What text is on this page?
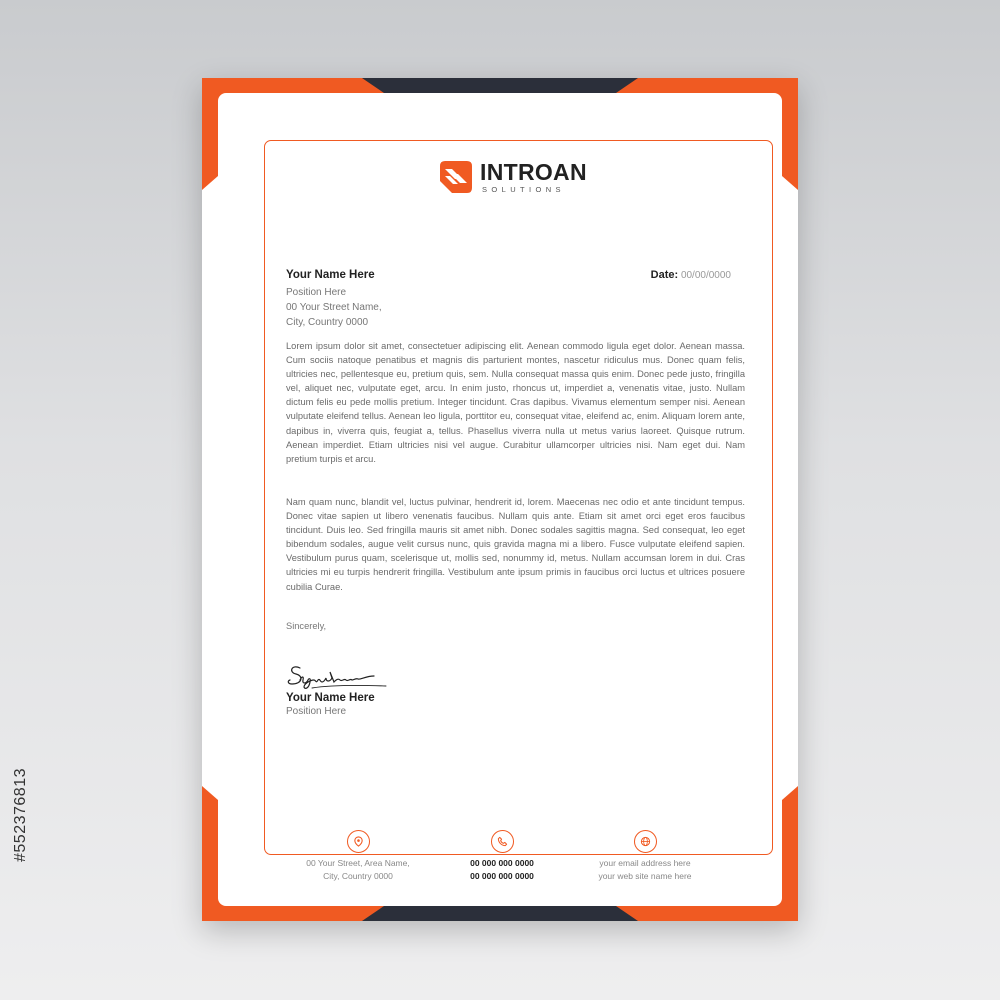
#552376813
INTROAN
SOLUTIONS
Your Name Here
Position Here
00 Your Street Name,
City, Country 0000
Date: 00/00/0000
Lorem ipsum dolor sit amet, consectetuer adipiscing elit. Aenean commodo ligula eget dolor. Aenean massa. Cum sociis natoque penatibus et magnis dis parturient montes, nascetur ridiculus mus. Donec quam felis, ultricies nec, pellentesque eu, pretium quis, sem. Nulla consequat massa quis enim. Donec pede justo, fringilla vel, aliquet nec, vulputate eget, arcu. In enim justo, rhoncus ut, imperdiet a, venenatis vitae, justo. Nullam dictum felis eu pede mollis pretium. Integer tincidunt. Cras dapibus. Vivamus elementum semper nisi. Aenean vulputate eleifend tellus. Aenean leo ligula, porttitor eu, consequat vitae, eleifend ac, enim. Aliquam lorem ante, dapibus in, viverra quis, feugiat a, tellus. Phasellus viverra nulla ut metus varius laoreet. Quisque rutrum. Aenean imperdiet. Etiam ultricies nisi vel augue. Curabitur ullamcorper ultricies nisi. Nam eget dui. Nam pretium turpis et arcu.
Nam quam nunc, blandit vel, luctus pulvinar, hendrerit id, lorem. Maecenas nec odio et ante tincidunt tempus. Donec vitae sapien ut libero venenatis faucibus. Nullam quis ante. Etiam sit amet orci eget eros faucibus tincidunt. Duis leo. Sed fringilla mauris sit amet nibh. Donec sodales sagittis magna. Sed consequat, leo eget bibendum sodales, augue velit cursus nunc, quis gravida magna mi a libero. Fusce vulputate eleifend sapien. Vestibulum purus quam, scelerisque ut, mollis sed, nonummy id, metus. Nullam accumsan lorem in dui. Cras ultricies mi eu turpis hendrerit fringilla. Vestibulum ante ipsum primis in faucibus orci luctus et ultrices posuere cubilia Curae.
Sincerely,
Your Name Here
Position Here
00 Your Street, Area Name,
City, Country 0000
00 000 000 0000
00 000 000 0000
your email address here
your web site name here
